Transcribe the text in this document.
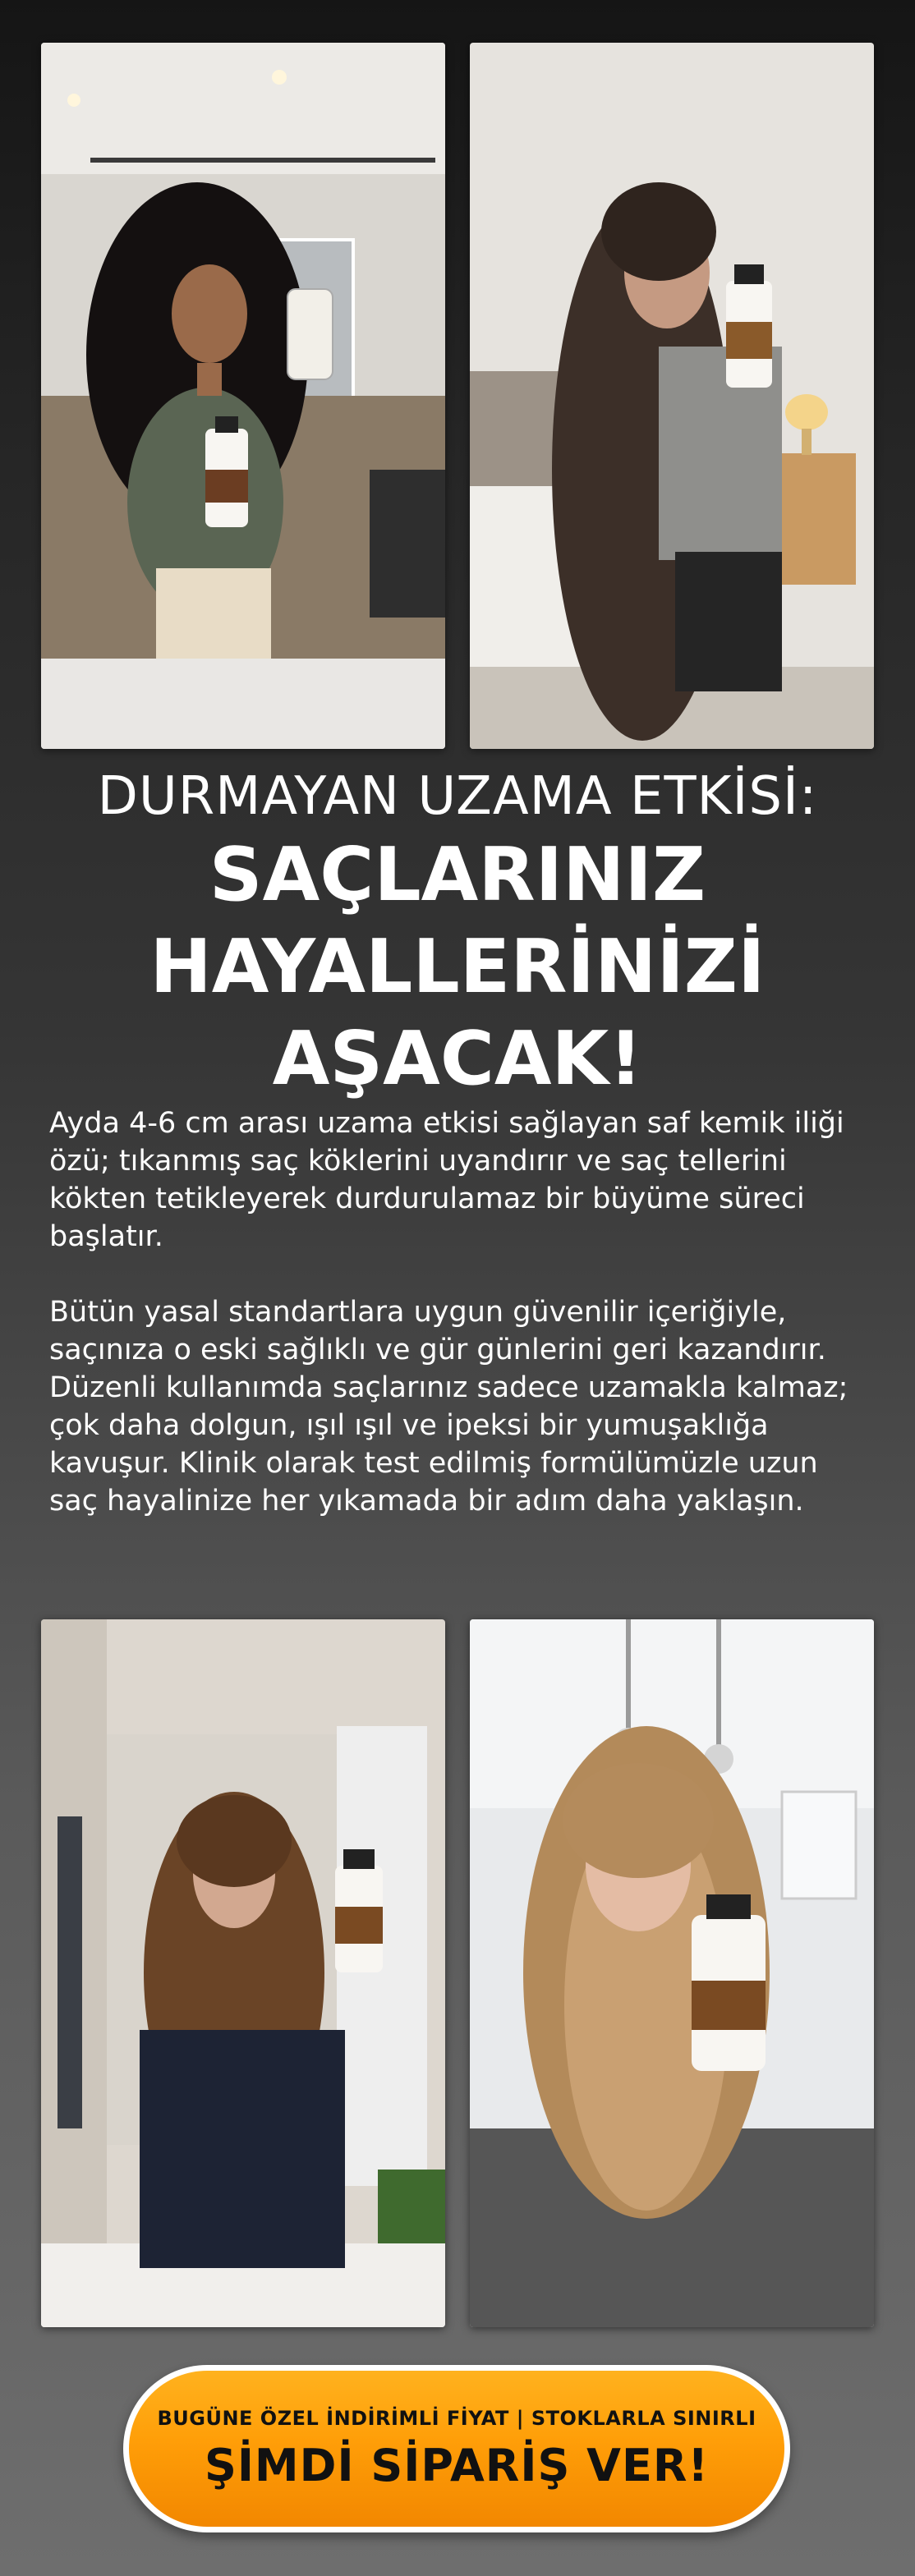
DURMAYAN UZAMA ETKİSİ:
SAÇLARINIZ
HAYALLERİNİZİ
AŞACAK!

Ayda 4-6 cm arası uzama etkisi sağlayan saf kemik iliği özü; tıkanmış saç köklerini uyandırır ve saç tellerini kökten tetikleyerek durdurulamaz bir büyüme süreci başlatır.

Bütün yasal standartlara uygun güvenilir içeriğiyle, saçınıza o eski sağlıklı ve gür günlerini geri kazandırır. Düzenli kullanımda saçlarınız sadece uzamakla kalmaz; çok daha dolgun, ışıl ışıl ve ipeksi bir yumuşaklığa kavuşur. Klinik olarak test edilmiş formülümüzle uzun saç hayalinize her yıkamada bir adım daha yaklaşın.

BUGÜNE ÖZEL İNDİRİMLİ FİYAT | STOKLARLA SINIRLI
ŞİMDİ SİPARİŞ VER!
